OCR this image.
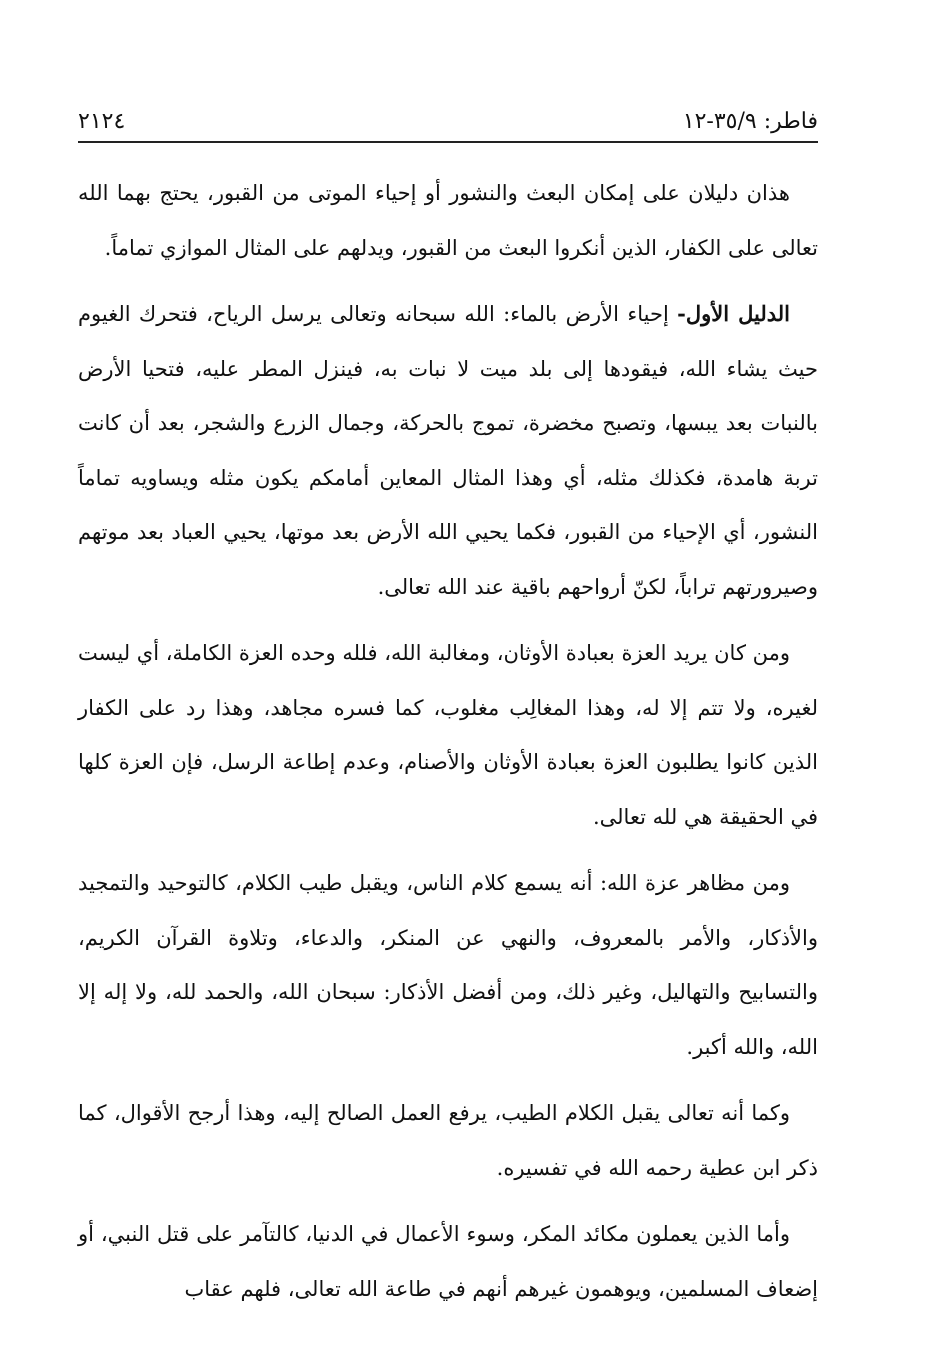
فاطر: ٣٥/٩-١٢
٢١٢٤

هذان دليلان على إمكان البعث والنشور أو إحياء الموتى من القبور، يحتج بهما الله تعالى على الكفار، الذين أنكروا البعث من القبور، ويدلهم على المثال الموازي تماماً.

الدليل الأول- إحياء الأرض بالماء: الله سبحانه وتعالى يرسل الرياح، فتحرك الغيوم حيث يشاء الله، فيقودها إلى بلد ميت لا نبات به، فينزل المطر عليه، فتحيا الأرض بالنبات بعد يبسها، وتصبح مخضرة، تموج بالحركة، وجمال الزرع والشجر، بعد أن كانت تربة هامدة، فكذلك مثله، أي وهذا المثال المعاين أمامكم يكون مثله ويساويه تماماً النشور، أي الإحياء من القبور، فكما يحيي الله الأرض بعد موتها، يحيي العباد بعد موتهم وصيرورتهم تراباً، لكنّ أرواحهم باقية عند الله تعالى.

ومن كان يريد العزة بعبادة الأوثان، ومغالبة الله، فلله وحده العزة الكاملة، أي ليست لغيره، ولا تتم إلا له، وهذا المغالِب مغلوب، كما فسره مجاهد، وهذا رد على الكفار الذين كانوا يطلبون العزة بعبادة الأوثان والأصنام، وعدم إطاعة الرسل، فإن العزة كلها في الحقيقة هي لله تعالى.

ومن مظاهر عزة الله: أنه يسمع كلام الناس، ويقبل طيب الكلام، كالتوحيد والتمجيد والأذكار، والأمر بالمعروف، والنهي عن المنكر، والدعاء، وتلاوة القرآن الكريم، والتسابيح والتهاليل، وغير ذلك، ومن أفضل الأذكار: سبحان الله، والحمد لله، ولا إله إلا الله، والله أكبر.

وكما أنه تعالى يقبل الكلام الطيب، يرفع العمل الصالح إليه، وهذا أرجح الأقوال، كما ذكر ابن عطية رحمه الله في تفسيره.

وأما الذين يعملون مكائد المكر، وسوء الأعمال في الدنيا، كالتآمر على قتل النبي، أو إضعاف المسلمين، ويوهمون غيرهم أنهم في طاعة الله تعالى، فلهم عقاب
